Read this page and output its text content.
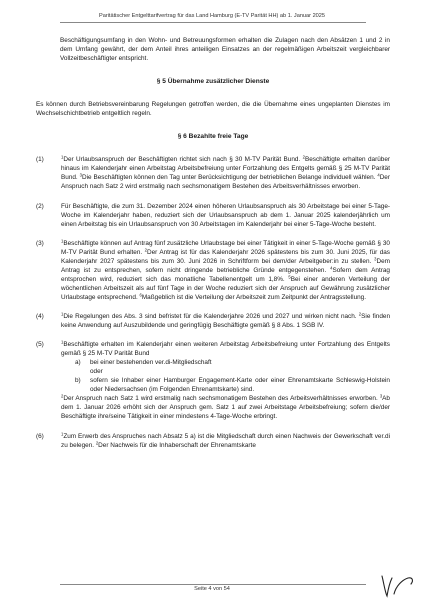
Paritätischer Entgelttarifvertrag für das Land Hamburg (E-TV Parität HH) ab 1. Januar 2025

Beschäftigungsumfang in den Wohn- und Betreuungsformen erhalten die Zulagen nach den Absätzen 1 und 2 in dem Umfang gewährt, der dem Anteil ihres anteiligen Einsatzes an der regelmäßigen Arbeitszeit vergleichbarer Vollzeitbeschäftigter entspricht.

§ 5 Übernahme zusätzlicher Dienste

Es können durch Betriebsvereinbarung Regelungen getroffen werden, die die Übernahme eines ungeplanten Dienstes im Wechselschichtbetrieb entgeltlich regeln.

§ 6 Bezahlte freie Tage

(1)	$^1$Der Urlaubsanspruch der Beschäftigten richtet sich nach § 30 M-TV Parität Bund. $^2$Beschäftigte erhalten darüber hinaus im Kalenderjahr einen Arbeitstag Arbeitsbefreiung unter Fortzahlung des Entgelts gemäß § 25 M-TV Parität Bund. $^3$Die Beschäftigten können den Tag unter Berücksichtigung der betrieblichen Belange individuell wählen. $^4$Der Anspruch nach Satz 2 wird erstmalig nach sechsmonatigem Bestehen des Arbeitsverhältnisses erworben.
(2)	Für Beschäftigte, die zum 31. Dezember 2024 einen höheren Urlaubsanspruch als 30 Arbeitstage bei einer 5-Tage-Woche im Kalenderjahr haben, reduziert sich der Urlaubsanspruch ab dem 1. Januar 2025 kalenderjährlich um einen Arbeitstag bis ein Urlaubsanspruch von 30 Arbeitstagen im Kalenderjahr bei einer 5-Tage-Woche besteht.
(3)	$^1$Beschäftigte können auf Antrag fünf zusätzliche Urlaubstage bei einer Tätigkeit in einer 5-Tage-Woche gemäß § 30 M-TV Parität Bund erhalten. $^2$Der Antrag ist für das Kalenderjahr 2026 spätestens bis zum 30. Juni 2025, für das Kalenderjahr 2027 spätestens bis zum 30. Juni 2026 in Schriftform bei dem/der Arbeitgeber:in zu stellen. $^3$Dem Antrag ist zu entsprechen, sofern nicht dringende betriebliche Gründe entgegenstehen. $^4$Sofern dem Antrag entsprochen wird, reduziert sich das monatliche Tabellenentgelt um 1,8%. $^5$Bei einer anderen Verteilung der wöchentlichen Arbeitszeit als auf fünf Tage in der Woche reduziert sich der Anspruch auf Gewährung zusätzlicher Urlaubstage entsprechend. $^6$Maßgeblich ist die Verteilung der Arbeitszeit zum Zeitpunkt der Antragsstellung.
(4)	$^1$Die Regelungen des Abs. 3 sind befristet für die Kalenderjahre 2026 und 2027 und wirken nicht nach. $^2$Sie finden keine Anwendung auf Auszubildende und geringfügig Beschäftigte gemäß § 8 Abs. 1 SGB IV.
(5)	$^1$Beschäftigte erhalten im Kalenderjahr einen weiteren Arbeitstag Arbeitsbefreiung unter Fortzahlung des Entgelts gemäß § 25 M-TV Parität Bund
a)	bei einer bestehenden ver.di-Mitgliedschaft
oder
b)	sofern sie Inhaber einer Hamburger Engagement-Karte oder einer Ehrenamtskarte Schleswig-Holstein oder Niedersachsen (im Folgenden Ehrenamtskarte) sind.
$^2$Der Anspruch nach Satz 1 wird erstmalig nach sechsmonatigem Bestehen des Arbeitsverhältnisses erworben. $^3$Ab dem 1. Januar 2026 erhöht sich der Anspruch gem. Satz 1 auf zwei Arbeitstage Arbeitsbefreiung; sofern die/der Beschäftigte ihre/seine Tätigkeit in einer mindestens 4-Tage-Woche erbringt.
(6)	$^1$Zum Erwerb des Anspruches nach Absatz 5 a) ist die Mitgliedschaft durch einen Nachweis der Gewerkschaft ver.di zu belegen. $^2$Der Nachweis für die Inhaberschaft der Ehrenamtskarte
Seite 4 von 54
